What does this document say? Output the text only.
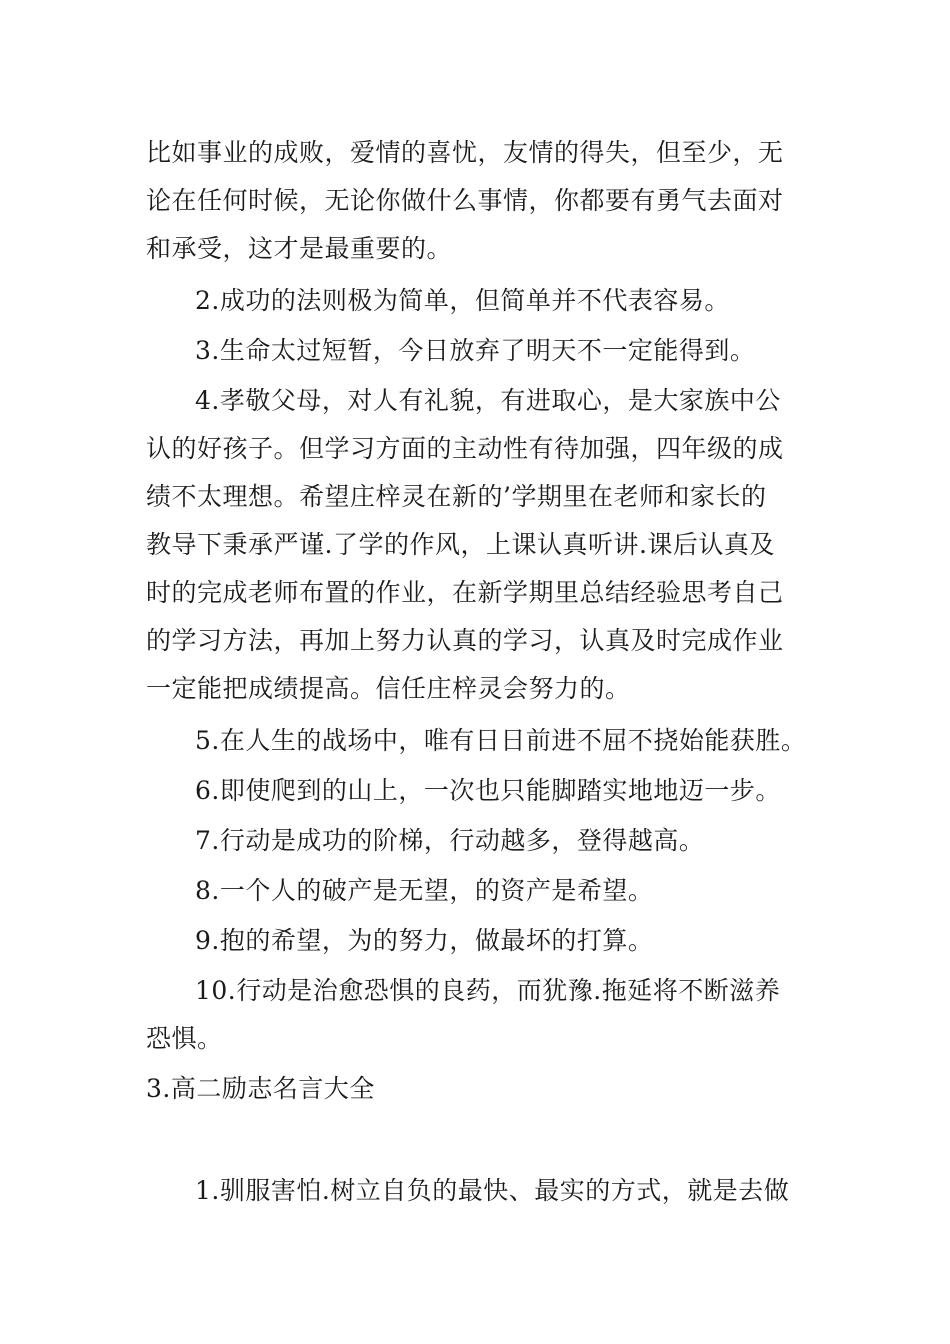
比如事业的成败，爱情的喜忧，友情的得失，但至少，无
论在任何时候，无论你做什么事情，你都要有勇气去面对
和承受，这才是最重要的。
2.成功的法则极为简单，但简单并不代表容易。
3.生命太过短暂，今日放弃了明天不一定能得到。
4.孝敬父母，对人有礼貌，有进取心，是大家族中公
认的好孩子。但学习方面的主动性有待加强，四年级的成
绩不太理想。希望庄梓灵在新的’学期里在老师和家长的
教导下秉承严谨.了学的作风，上课认真听讲.课后认真及
时的完成老师布置的作业，在新学期里总结经验思考自己
的学习方法，再加上努力认真的学习，认真及时完成作业
一定能把成绩提高。信任庄梓灵会努力的。
5.在人生的战场中，唯有日日前进不屈不挠始能获胜。
6.即使爬到的山上，一次也只能脚踏实地地迈一步。
7.行动是成功的阶梯，行动越多，登得越高。
8.一个人的破产是无望，的资产是希望。
9.抱的希望，为的努力，做最坏的打算。
10.行动是治愈恐惧的良药，而犹豫.拖延将不断滋养
恐惧。
3.高二励志名言大全
1.驯服害怕.树立自负的最快、最实的方式，就是去做
